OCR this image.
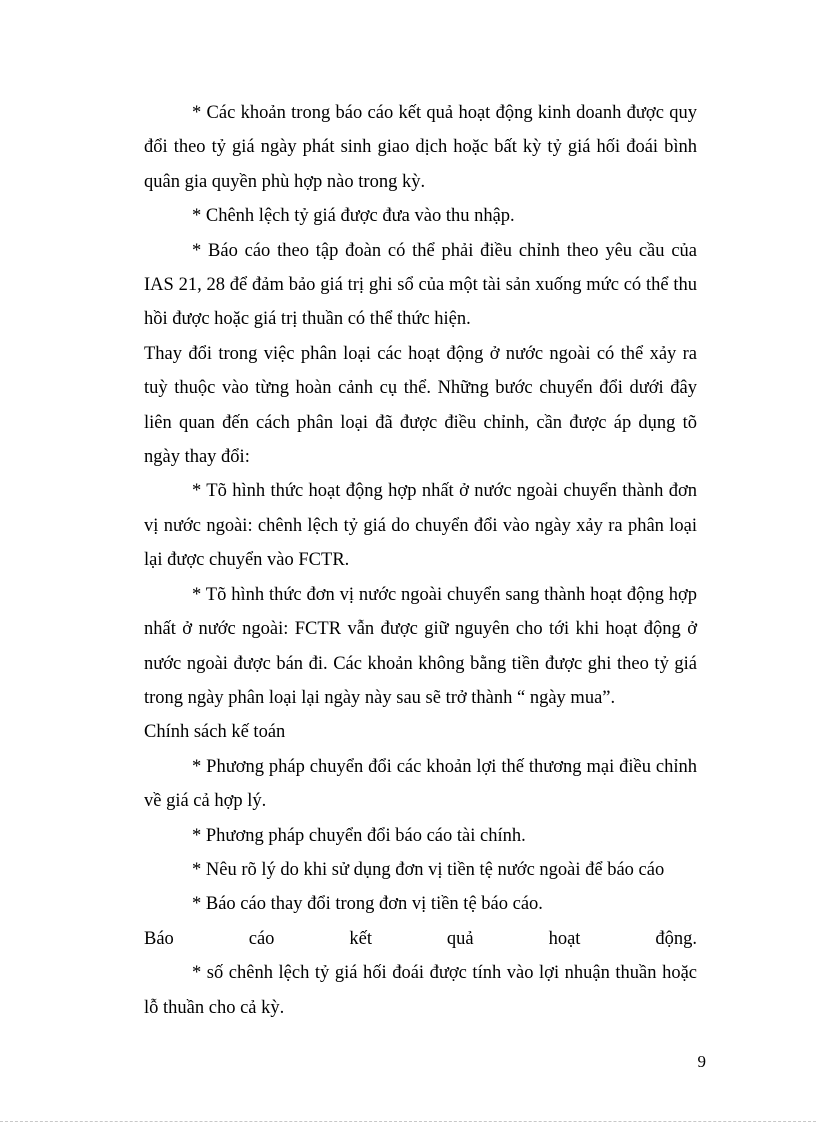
* Các khoản trong báo cáo kết quả hoạt động kinh doanh được quy đổi theo tỷ giá ngày phát sinh giao dịch hoặc bất kỳ tỷ giá hối đoái bình quân gia quyền phù hợp nào trong kỳ.

* Chênh lệch tỷ giá được đưa vào thu nhập.

* Báo cáo theo tập đoàn có thể phải điều chỉnh theo yêu cầu của IAS 21, 28 để đảm bảo giá trị ghi sổ của một tài sản xuống mức có thể thu hồi được hoặc giá trị thuần có thể thức hiện.

Thay đổi trong việc phân loại các hoạt động ở nước ngoài có thể xảy ra tuỳ thuộc vào từng hoàn cảnh cụ thể. Những bước chuyển đổi dưới đây liên quan đến cách phân loại đã được điều chỉnh, cần được áp dụng tõ ngày thay đổi:

* Tõ hình thức hoạt động hợp nhất ở nước ngoài chuyển thành đơn vị nước ngoài: chênh lệch tỷ giá do chuyển đổi vào ngày xảy ra phân loại lại được chuyển vào FCTR.

* Tõ hình thức đơn vị nước ngoài chuyển sang thành hoạt động hợp nhất ở nước ngoài: FCTR vẫn được giữ nguyên cho tới khi hoạt động ở nước ngoài được bán đi. Các khoản không bằng tiền được ghi theo tỷ giá trong ngày phân loại lại ngày này sau sẽ trở thành “ ngày mua”.

Chính sách kế toán

* Phương pháp chuyển đổi các khoản lợi thế thương mại điều chỉnh về giá cả hợp lý.

* Phương pháp chuyển đổi báo cáo tài chính.

* Nêu rõ lý do khi sử dụng đơn vị tiền tệ nước ngoài để báo cáo

* Báo cáo thay đổi trong đơn vị tiền tệ báo cáo.

Báo cáo kết quả hoạt động.

* số chênh lệch tỷ giá hối đoái được tính vào lợi nhuận thuần hoặc lỗ thuần cho cả kỳ.

9
